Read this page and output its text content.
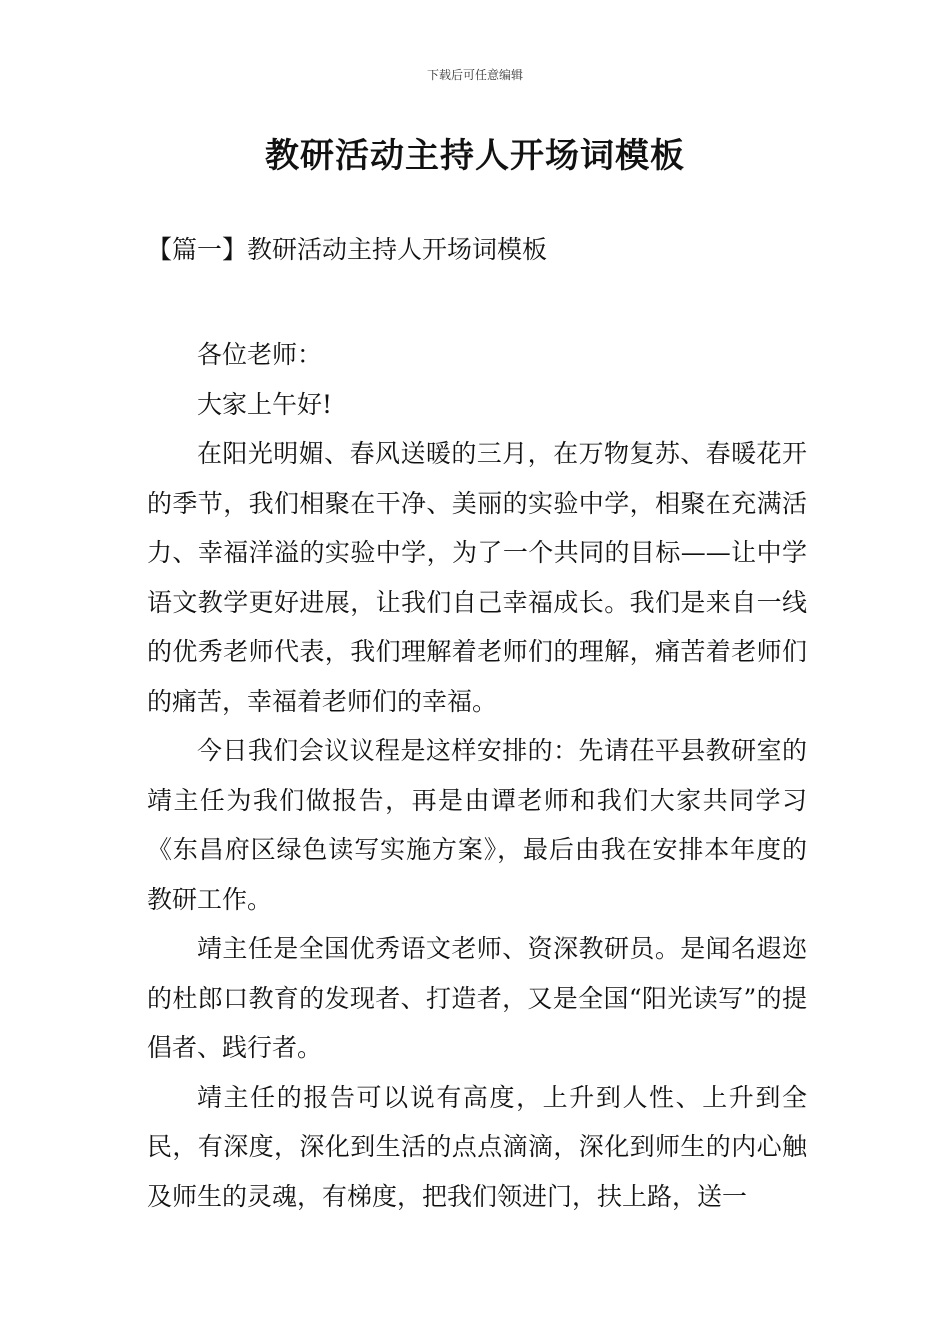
下载后可任意编辑
教研活动主持人开场词模板
【篇一】教研活动主持人开场词模板

各位老师：

大家上午好!

在阳光明媚、春风送暖的三月，在万物复苏、春暖花开的季节，我们相聚在干净、美丽的实验中学，相聚在充满活力、幸福洋溢的实验中学，为了一个共同的目标——让中学语文教学更好进展，让我们自己幸福成长。我们是来自一线的优秀老师代表，我们理解着老师们的理解，痛苦着老师们的痛苦，幸福着老师们的幸福。

今日我们会议议程是这样安排的：先请茌平县教研室的靖主任为我们做报告，再是由谭老师和我们大家共同学习《东昌府区绿色读写实施方案》，最后由我在安排本年度的教研工作。

靖主任是全国优秀语文老师、资深教研员。是闻名遐迩的杜郎口教育的发现者、打造者，又是全国“阳光读写”的提倡者、践行者。

靖主任的报告可以说有高度，上升到人性、上升到全民，有深度，深化到生活的点点滴滴，深化到师生的内心触及师生的灵魂，有梯度，把我们领进门，扶上路，送一
